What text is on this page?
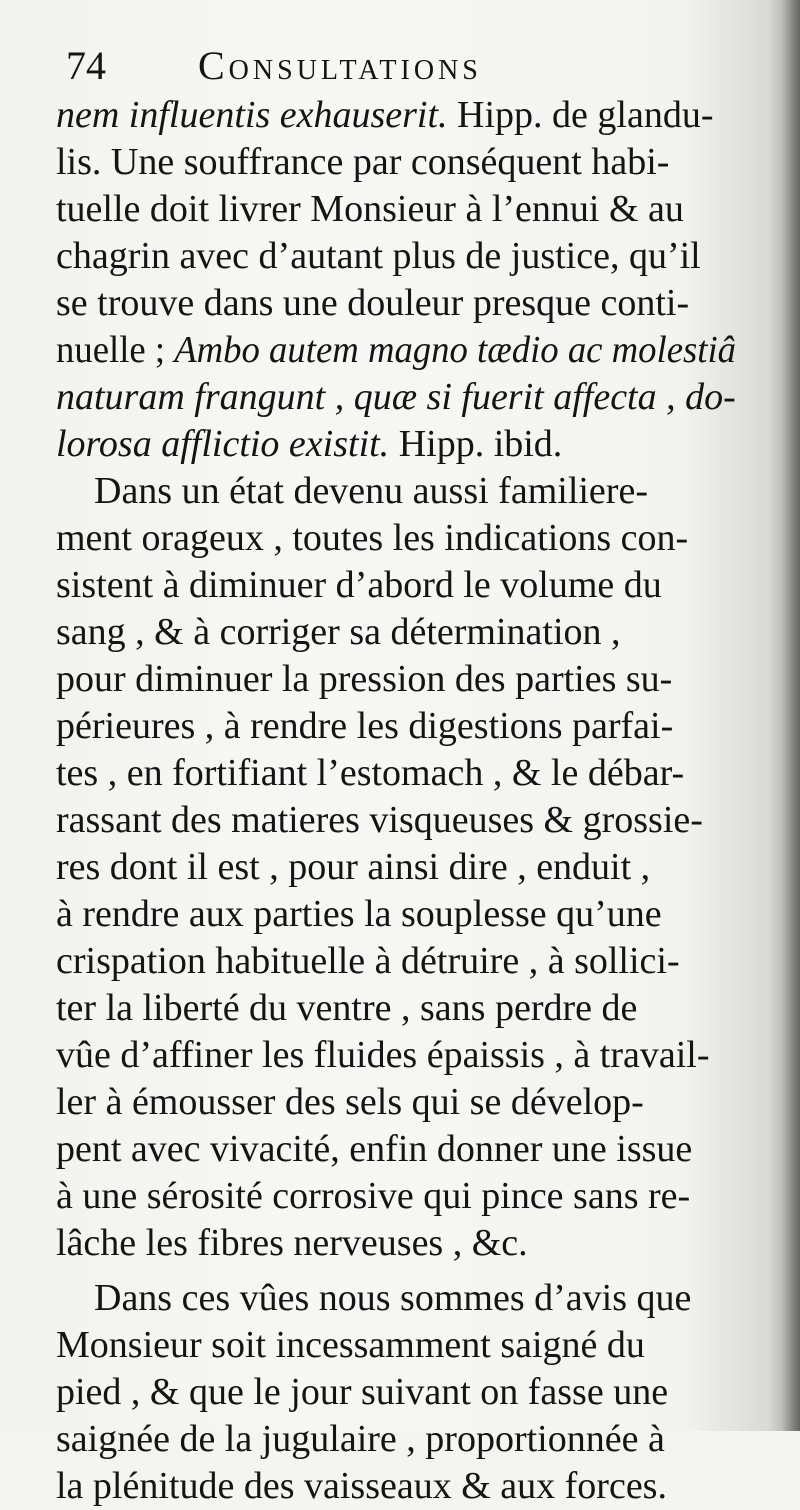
74 Consultations
nem influentis exhauserit. Hipp. de glandu-
lis. Une souffrance par conséquent habi-
tuelle doit livrer Monsieur à l’ennui & au
chagrin avec d’autant plus de justice, qu’il
se trouve dans une douleur presque conti-
nuelle ; Ambo autem magno tædio ac molestiâ
naturam frangunt , quæ si fuerit affecta , do-
lorosa afflictio existit. Hipp. ibid.
Dans un état devenu aussi familiere-
ment orageux , toutes les indications con-
sistent à diminuer d’abord le volume du
sang , & à corriger sa détermination ,
pour diminuer la pression des parties su-
périeures , à rendre les digestions parfai-
tes , en fortifiant l’estomach , & le débar-
rassant des matieres visqueuses & grossie-
res dont il est , pour ainsi dire , enduit ,
à rendre aux parties la souplesse qu’une
crispation habituelle à détruire , à sollici-
ter la liberté du ventre , sans perdre de
vûe d’affiner les fluides épaissis , à travail-
ler à émousser des sels qui se dévelop-
pent avec vivacité, enfin donner une issue
à une sérosité corrosive qui pince sans re-
lâche les fibres nerveuses , &c.
Dans ces vûes nous sommes d’avis que
Monsieur soit incessamment saigné du
pied , & que le jour suivant on fasse une
saignée de la jugulaire , proportionnée à
la plénitude des vaisseaux & aux forces.
